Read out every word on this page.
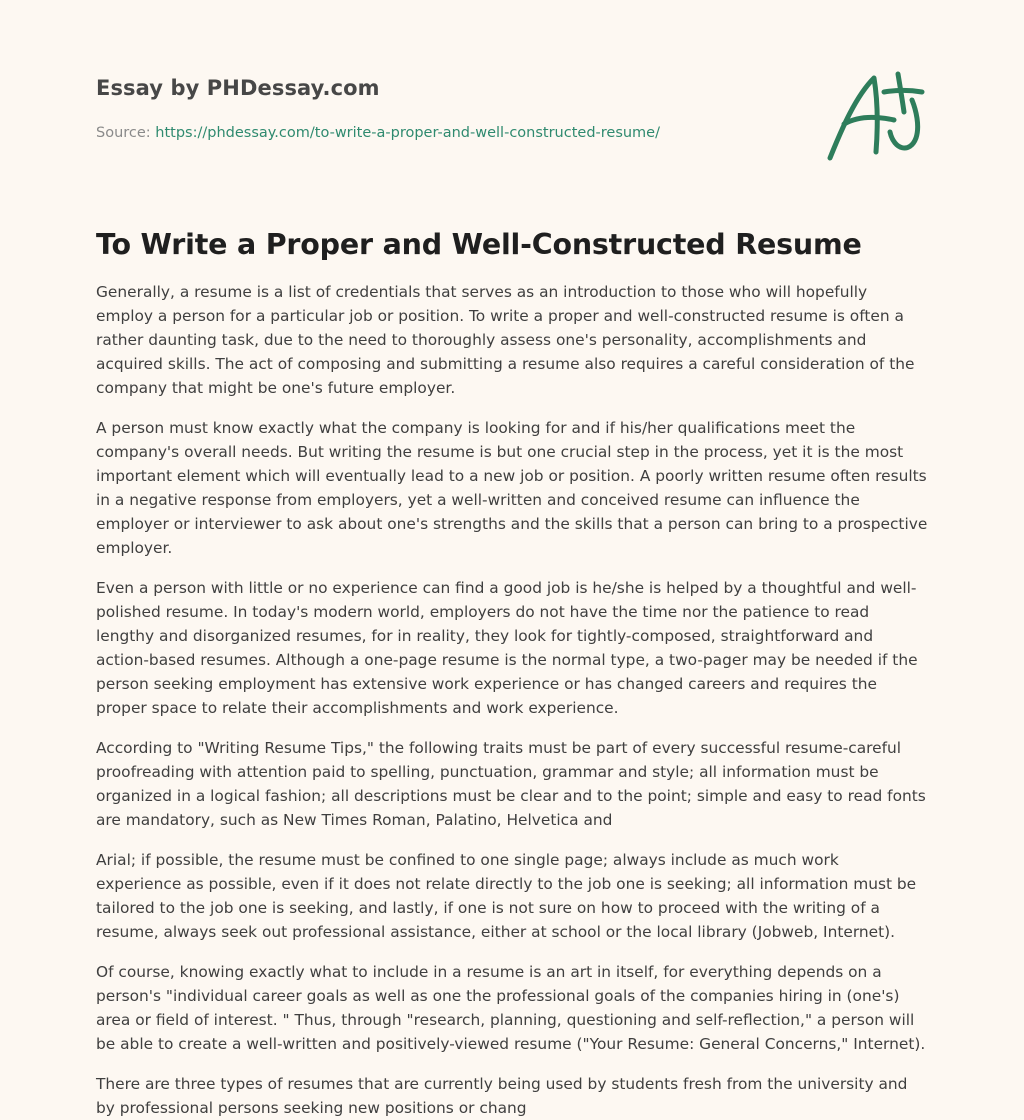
Essay by PHDessay.com
Source: https://phdessay.com/to-write-a-proper-and-well-constructed-resume/
To Write a Proper and Well-Constructed Resume

Generally, a resume is a list of credentials that serves as an introduction to those who will hopefully employ a person for a particular job or position. To write a proper and well-constructed resume is often a rather daunting task, due to the need to thoroughly assess one's personality, accomplishments and acquired skills. The act of composing and submitting a resume also requires a careful consideration of the company that might be one's future employer.

A person must know exactly what the company is looking for and if his/her qualifications meet the company's overall needs. But writing the resume is but one crucial step in the process, yet it is the most important element which will eventually lead to a new job or position. A poorly written resume often results in a negative response from employers, yet a well-written and conceived resume can influence the employer or interviewer to ask about one's strengths and the skills that a person can bring to a prospective employer.

Even a person with little or no experience can find a good job is he/she is helped by a thoughtful and well-polished resume. In today's modern world, employers do not have the time nor the patience to read lengthy and disorganized resumes, for in reality, they look for tightly-composed, straightforward and action-based resumes. Although a one-page resume is the normal type, a two-pager may be needed if the person seeking employment has extensive work experience or has changed careers and requires the proper space to relate their accomplishments and work experience.

According to "Writing Resume Tips," the following traits must be part of every successful resume-careful proofreading with attention paid to spelling, punctuation, grammar and style; all information must be organized in a logical fashion; all descriptions must be clear and to the point; simple and easy to read fonts are mandatory, such as New Times Roman, Palatino, Helvetica and

Arial; if possible, the resume must be confined to one single page; always include as much work experience as possible, even if it does not relate directly to the job one is seeking; all information must be tailored to the job one is seeking, and lastly, if one is not sure on how to proceed with the writing of a resume, always seek out professional assistance, either at school or the local library (Jobweb, Internet).

Of course, knowing exactly what to include in a resume is an art in itself, for everything depends on a person's "individual career goals as well as one the professional goals of the companies hiring in (one's) area or field of interest. " Thus, through "research, planning, questioning and self-reflection," a person will be able to create a well-written and positively-viewed resume ("Your Resume: General Concerns," Internet).

There are three types of resumes that are currently being used by students fresh from the university and by professional persons seeking new positions or chang
